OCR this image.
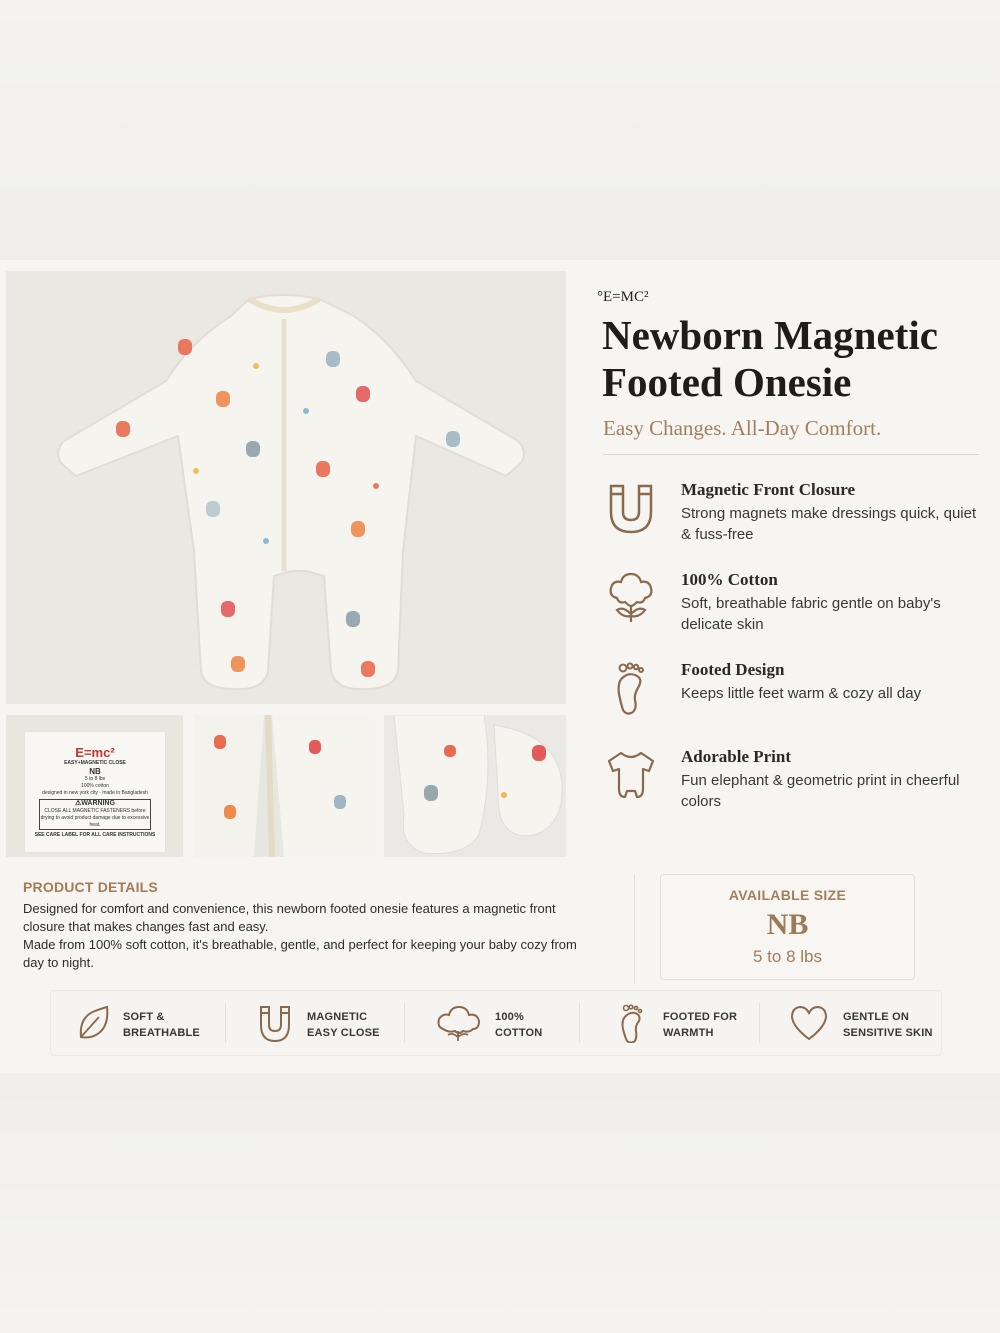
E=mc²
EASY+MAGNETIC CLOSE
NB
5 to 8 lbs
100% cotton
designed in new york city · made in Bangladesh
⚠WARNING
CLOSE ALL MAGNETIC FASTENERS before drying to avoid product damage due to excessive heat.
SEE CARE LABEL FOR ALL CARE INSTRUCTIONS
°E=MC²
Newborn Magnetic Footed Onesie
Easy Changes. All-Day Comfort.
Magnetic Front Closure
Strong magnets make dressings quick, quiet & fuss-free
100% Cotton
Soft, breathable fabric gentle on baby's delicate skin
Footed Design
Keeps little feet warm & cozy all day
Adorable Print
Fun elephant & geometric print in cheerful colors
PRODUCT DETAILS

Designed for comfort and convenience, this newborn footed onesie features a magnetic front closure that makes changes fast and easy.

Made from 100% soft cotton, it's breathable, gentle, and perfect for keeping your baby cozy from day to night.

AVAILABLE SIZE
NB
5 to 8 lbs
SOFT &
BREATHABLE
MAGNETIC
EASY CLOSE
100%
COTTON
FOOTED FOR
WARMTH
GENTLE ON
SENSITIVE SKIN
